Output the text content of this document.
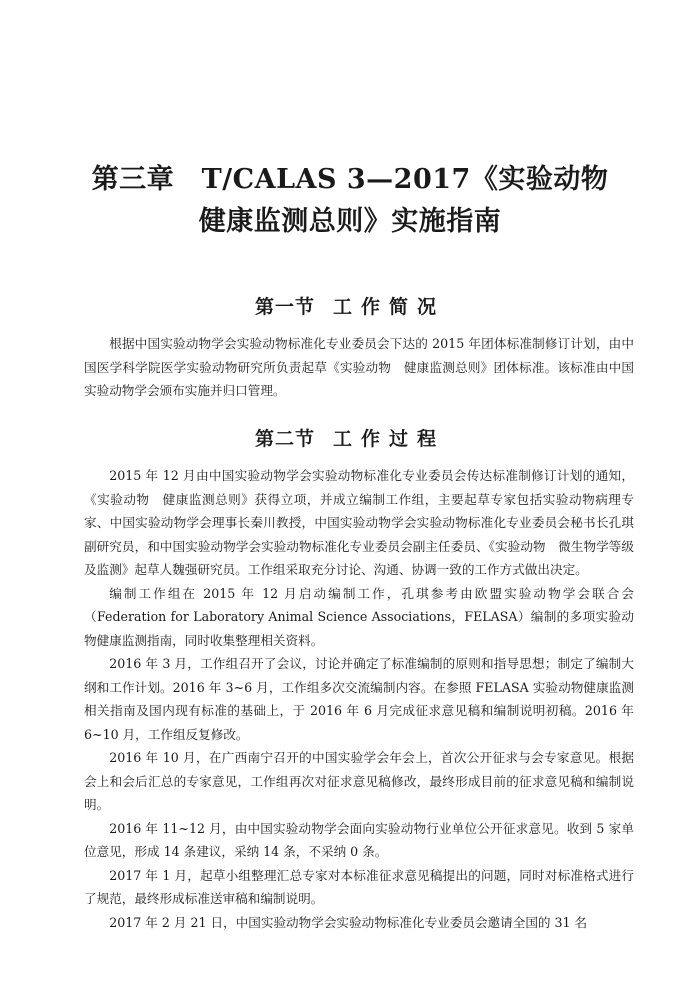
第三章　T/CALAS 3—2017《实验动物
健康监测总则》实施指南
第一节 工作简况

根据中国实验动物学会实验动物标准化专业委员会下达的 2015 年团体标准制修订计划，由中国医学科学院医学实验动物研究所负责起草《实验动物　健康监测总则》团体标准。该标准由中国实验动物学会颁布实施并归口管理。

第二节 工作过程

2015 年 12 月由中国实验动物学会实验动物标准化专业委员会传达标准制修订计划的通知，《实验动物　健康监测总则》获得立项，并成立编制工作组，主要起草专家包括实验动物病理专家、中国实验动物学会理事长秦川教授，中国实验动物学会实验动物标准化专业委员会秘书长孔琪副研究员，和中国实验动物学会实验动物标准化专业委员会副主任委员、《实验动物　微生物学等级及监测》起草人魏强研究员。工作组采取充分讨论、沟通、协调一致的工作方式做出决定。

编制工作组在 2015 年 12 月启动编制工作，孔琪参考由欧盟实验动物学会联合会（Federation for Laboratory Animal Science Associations，FELASA）编制的多项实验动物健康监测指南，同时收集整理相关资料。

2016 年 3 月，工作组召开了会议，讨论并确定了标准编制的原则和指导思想；制定了编制大纲和工作计划。2016 年 3~6 月，工作组多次交流编制内容。在参照 FELASA 实验动物健康监测相关指南及国内现有标准的基础上，于 2016 年 6 月完成征求意见稿和编制说明初稿。2016 年 6~10 月，工作组反复修改。

2016 年 10 月，在广西南宁召开的中国实验学会年会上，首次公开征求与会专家意见。根据会上和会后汇总的专家意见，工作组再次对征求意见稿修改，最终形成目前的征求意见稿和编制说明。

2016 年 11~12 月，由中国实验动物学会面向实验动物行业单位公开征求意见。收到 5 家单位意见，形成 14 条建议，采纳 14 条，不采纳 0 条。

2017 年 1 月，起草小组整理汇总专家对本标准征求意见稿提出的问题，同时对标准格式进行了规范，最终形成标准送审稿和编制说明。

2017 年 2 月 21 日，中国实验动物学会实验动物标准化专业委员会邀请全国的 31 名
